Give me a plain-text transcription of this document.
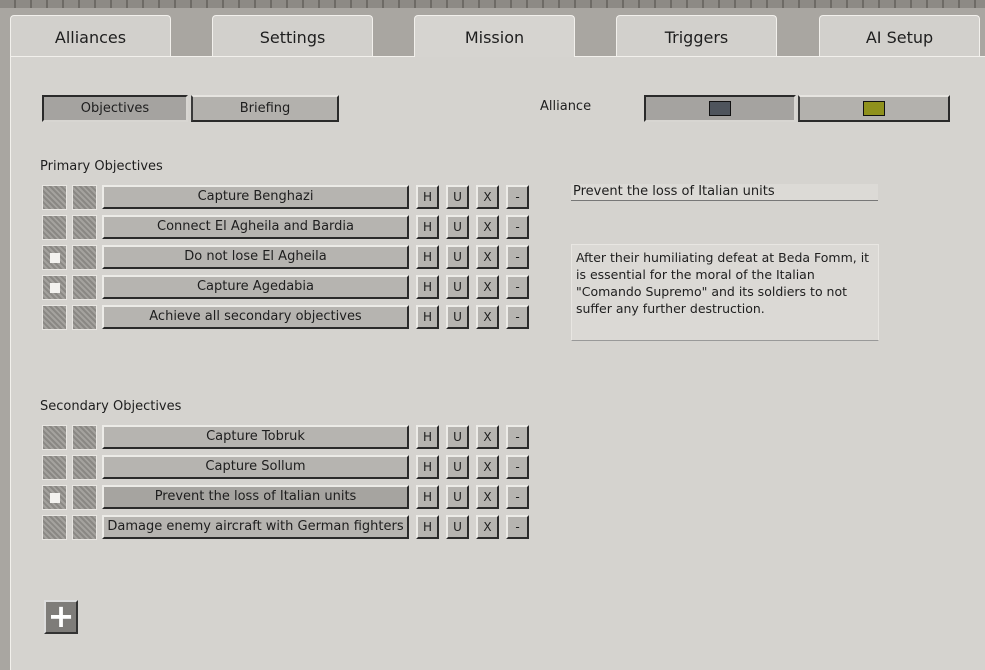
Alliances	Settings	Mission	Triggers	AI Setup
Objectives	Briefing	Alliance
Primary Objectives
Capture Benghazi	H	U	X	-
Connect El Agheila and Bardia	H	U	X	-
Do not lose El Agheila	H	U	X	-
Capture Agedabia	H	U	X	-
Achieve all secondary objectives	H	U	X	-
Secondary Objectives
Capture Tobruk	H	U	X	-
Capture Sollum	H	U	X	-
Prevent the loss of Italian units	H	U	X	-
Damage enemy aircraft with German fighters	H	U	X	-
Prevent the loss of Italian units
After their humiliating defeat at Beda Fomm, it is essential for the moral of the Italian "Comando Supremo" and its soldiers to not suffer any further destruction.
+
